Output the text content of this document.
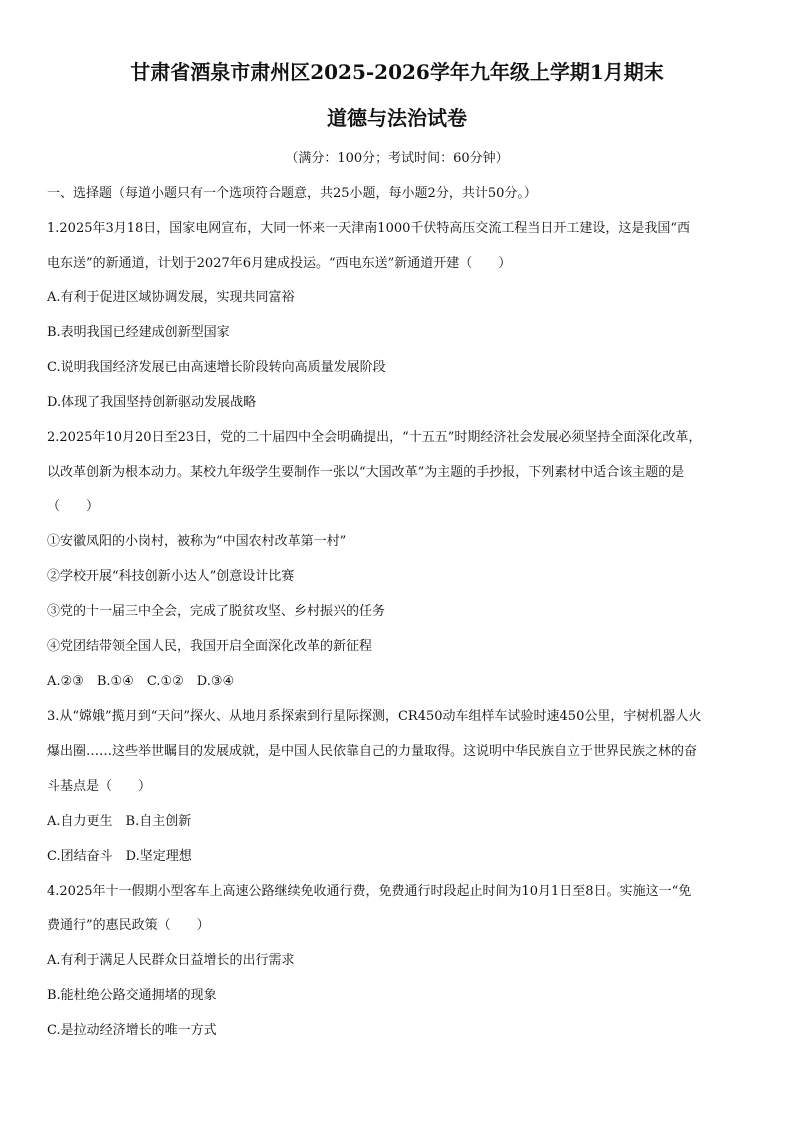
甘肃省酒泉市肃州区2025-2026学年九年级上学期1月期末
道德与法治试卷
（满分：100分；考试时间：60分钟）
一、选择题（每道小题只有一个选项符合题意，共25小题，每小题2分，共计50分。）
1.2025年3月18日，国家电网宣布，大同一怀来一天津南1000千伏特高压交流工程当日开工建设，这是我国“西
电东送”的新通道，计划于2027年6月建成投运。“西电东送”新通道开建（　　）
A.有利于促进区域协调发展，实现共同富裕
B.表明我国已经建成创新型国家
C.说明我国经济发展已由高速增长阶段转向高质量发展阶段
D.体现了我国坚持创新驱动发展战略
2.2025年10月20日至23日，党的二十届四中全会明确提出，“十五五”时期经济社会发展必须坚持全面深化改革，
以改革创新为根本动力。某校九年级学生要制作一张以“大国改革”为主题的手抄报，下列素材中适合该主题的是
（　　）
①安徽凤阳的小岗村，被称为“中国农村改革第一村”
②学校开展“科技创新小达人”创意设计比赛
③党的十一届三中全会，完成了脱贫攻坚、乡村振兴的任务
④党团结带领全国人民，我国开启全面深化改革的新征程
A.②③　B.①④　C.①②　D.③④
3.从“嫦娥”揽月到“天问”探火、从地月系探索到行星际探测，CR450动车组样车试验时速450公里，宇树机器人火
爆出圈……这些举世瞩目的发展成就，是中国人民依靠自己的力量取得。这说明中华民族自立于世界民族之林的奋
斗基点是（　　）
A.自力更生　B.自主创新
C.团结奋斗　D.坚定理想
4.2025年十一假期小型客车上高速公路继续免收通行费，免费通行时段起止时间为10月1日至8日。实施这一“免
费通行”的惠民政策（　　）
A.有利于满足人民群众日益增长的出行需求
B.能杜绝公路交通拥堵的现象
C.是拉动经济增长的唯一方式
